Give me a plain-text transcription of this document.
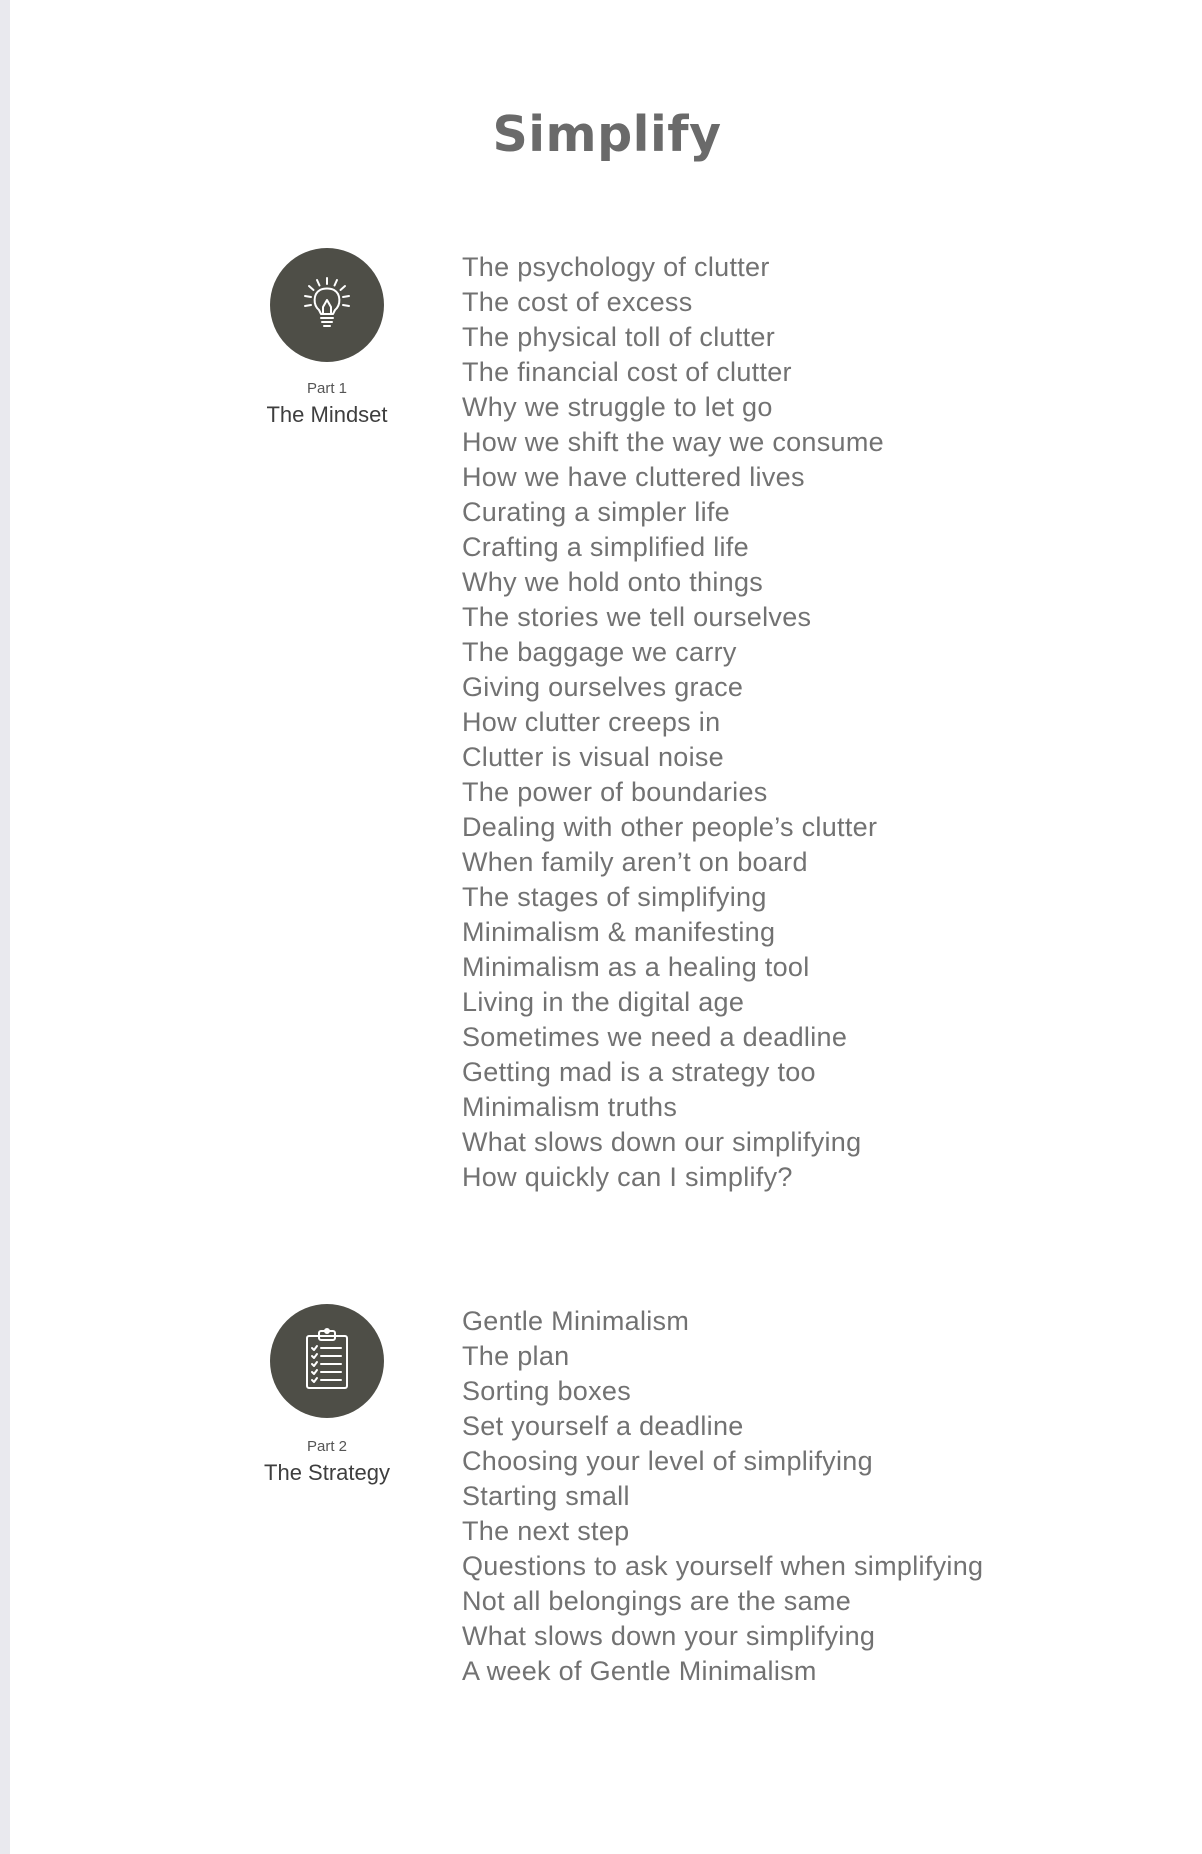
Simplify
Part 1
The Mindset
The psychology of clutter
The cost of excess
The physical toll of clutter
The financial cost of clutter
Why we struggle to let go
How we shift the way we consume
How we have cluttered lives
Curating a simpler life
Crafting a simplified life
Why we hold onto things
The stories we tell ourselves
The baggage we carry
Giving ourselves grace
How clutter creeps in
Clutter is visual noise
The power of boundaries
Dealing with other people’s clutter
When family aren’t on board
The stages of simplifying
Minimalism & manifesting
Minimalism as a healing tool
Living in the digital age
Sometimes we need a deadline
Getting mad is a strategy too
Minimalism truths
What slows down our simplifying
How quickly can I simplify?
Part 2
The Strategy
Gentle Minimalism
The plan
Sorting boxes
Set yourself a deadline
Choosing your level of simplifying
Starting small
The next step
Questions to ask yourself when simplifying
Not all belongings are the same
What slows down your simplifying
A week of Gentle Minimalism
